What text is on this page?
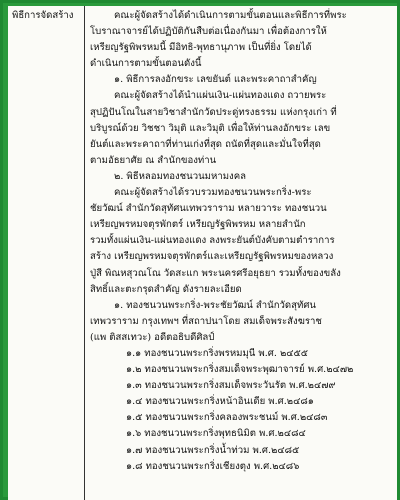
พิธีการจัดสร้าง	คณะผู้จัดสร้างได้ดำเนินการตามขั้นตอนและพิธีการที่พระ
โบราณาจารย์ได้ปฏิบัติกันสืบต่อเนื่องกันมา เพื่อต้องการให้
เหรียญรัฐพิพรหมนี้ มีอิทธิ-พุทธานุภาพ เป็นที่ยิ่ง โดยได้
ดำเนินการตามขั้นตอนดังนี้
๑. พิธีการลงอักขระ เลขยันต์ และพระคาถาสำคัญ
คณะผู้จัดสร้างได้นำแผ่นเงิน-แผ่นทองแดง ถวายพระ
สุปฏิปันโณในสายวิชาสำนักวัดประดู่ทรงธรรม แห่งกรุงเก่า ที่
บริบูรณ์ด้วย วิชชา วิมุติ และวิมุติ เพื่อให้ท่านลงอักขระ เลข
ยันต์และพระคาถาที่ท่านเก่งที่สุด ถนัดที่สุดและมั่นใจที่สุด
ตามอัธยาศัย ณ สำนักของท่าน
๒. พิธีหลอมทองชนวนมหามงคล
คณะผู้จัดสร้างได้รวบรวมทองชนวนพระกริ่ง-พระ
ชัยวัฒน์ สำนักวัดสุทัศนเทพวราราม หลายวาระ ทองชนวน
เหรียญพรหมจตุรพักตร์ เหรียญรัฐพิพรหม หลายสำนัก
รวมทั้งแผ่นเงิน-แผ่นทองแดง ลงพระยันต์บังคับตามตำราการ
สร้าง เหรียญพรหมจตุรพักตร์และเหรียญรัฐพิพรหมของหลวง
ปู่สี พิณหสุวณโณ วัดสะแก พระนครศรีอยุธยา รวมทั้งของขลัง
สิทธิ์และตะกรุดสำคัญ ดังรายละเอียด
๑. ทองชนวนพระกริ่ง-พระชัยวัฒน์ สำนักวัดสุทัศน
เทพวราราม กรุงเทพฯ ที่สถาปนาโดย สมเด็จพระสังฆราช
(แพ ติสสเทวะ) อดีตอธิบดีศิลป์
๑.๑ ทองชนวนพระกริ่งพรหมมุนี พ.ศ. ๒๔๕๕
๑.๒ ทองชนวนพระกริ่งสมเด็จพระพุฒาจารย์ พ.ศ.๒๔๗๒
๑.๓ ทองชนวนพระกริ่งสมเด็จพระวันรัต พ.ศ.๒๔๗๙
๑.๔ ทองชนวนพระกริ่งหน้าอินเดีย พ.ศ.๒๔๘๑
๑.๕ ทองชนวนพระกริ่งคลองพระชนม์ พ.ศ.๒๔๘๓
๑.๖ ทองชนวนพระกริ่งพุทธนิมิต พ.ศ.๒๔๘๔
๑.๗ ทองชนวนพระกริ่งน้ำท่วม พ.ศ.๒๔๘๕
๑.๘ ทองชนวนพระกริ่งเชียงตุง พ.ศ.๒๔๘๖
